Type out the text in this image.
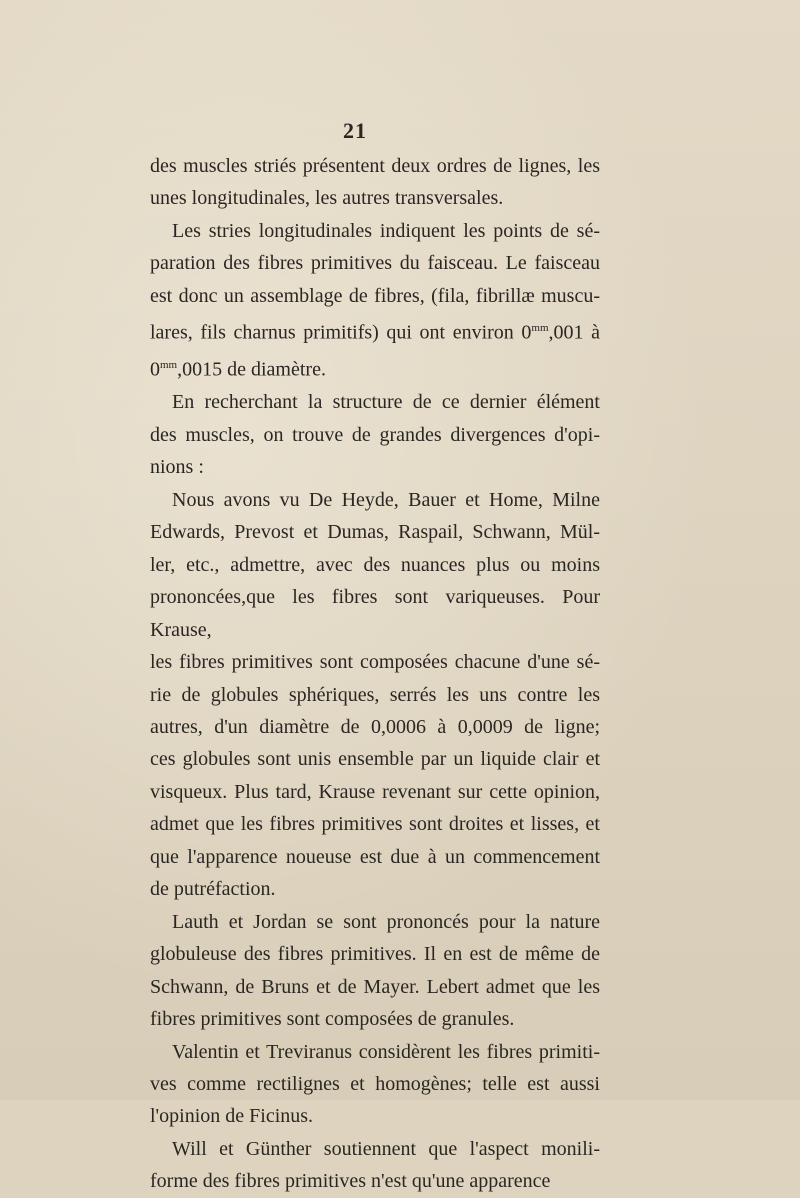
21
des muscles striés présentent deux ordres de lignes, les
unes longitudinales, les autres transversales.
Les stries longitudinales indiquent les points de sé-
paration des fibres primitives du faisceau. Le faisceau
est donc un assemblage de fibres, (fila, fibrillæ muscu-
lares, fils charnus primitifs) qui ont environ $0^{mm},001$ à
$0^{mm},0015$ de diamètre.
En recherchant la structure de ce dernier élément
des muscles, on trouve de grandes divergences d'opi-
nions :
Nous avons vu De Heyde, Bauer et Home, Milne
Edwards, Prevost et Dumas, Raspail, Schwann, Mül-
ler, etc., admettre, avec des nuances plus ou moins
prononcées,que les fibres sont variqueuses. Pour Krause,
les fibres primitives sont composées chacune d'une sé-
rie de globules sphériques, serrés les uns contre les
autres, d'un diamètre de 0,0006 à 0,0009 de ligne;
ces globules sont unis ensemble par un liquide clair et
visqueux. Plus tard, Krause revenant sur cette opinion,
admet que les fibres primitives sont droites et lisses, et
que l'apparence noueuse est due à un commencement
de putréfaction.
Lauth et Jordan se sont prononcés pour la nature
globuleuse des fibres primitives. Il en est de même de
Schwann, de Bruns et de Mayer. Lebert admet que les
fibres primitives sont composées de granules.
Valentin et Treviranus considèrent les fibres primiti-
ves comme rectilignes et homogènes; telle est aussi
l'opinion de Ficinus.
Will et Günther soutiennent que l'aspect monili-
forme des fibres primitives n'est qu'une apparence
